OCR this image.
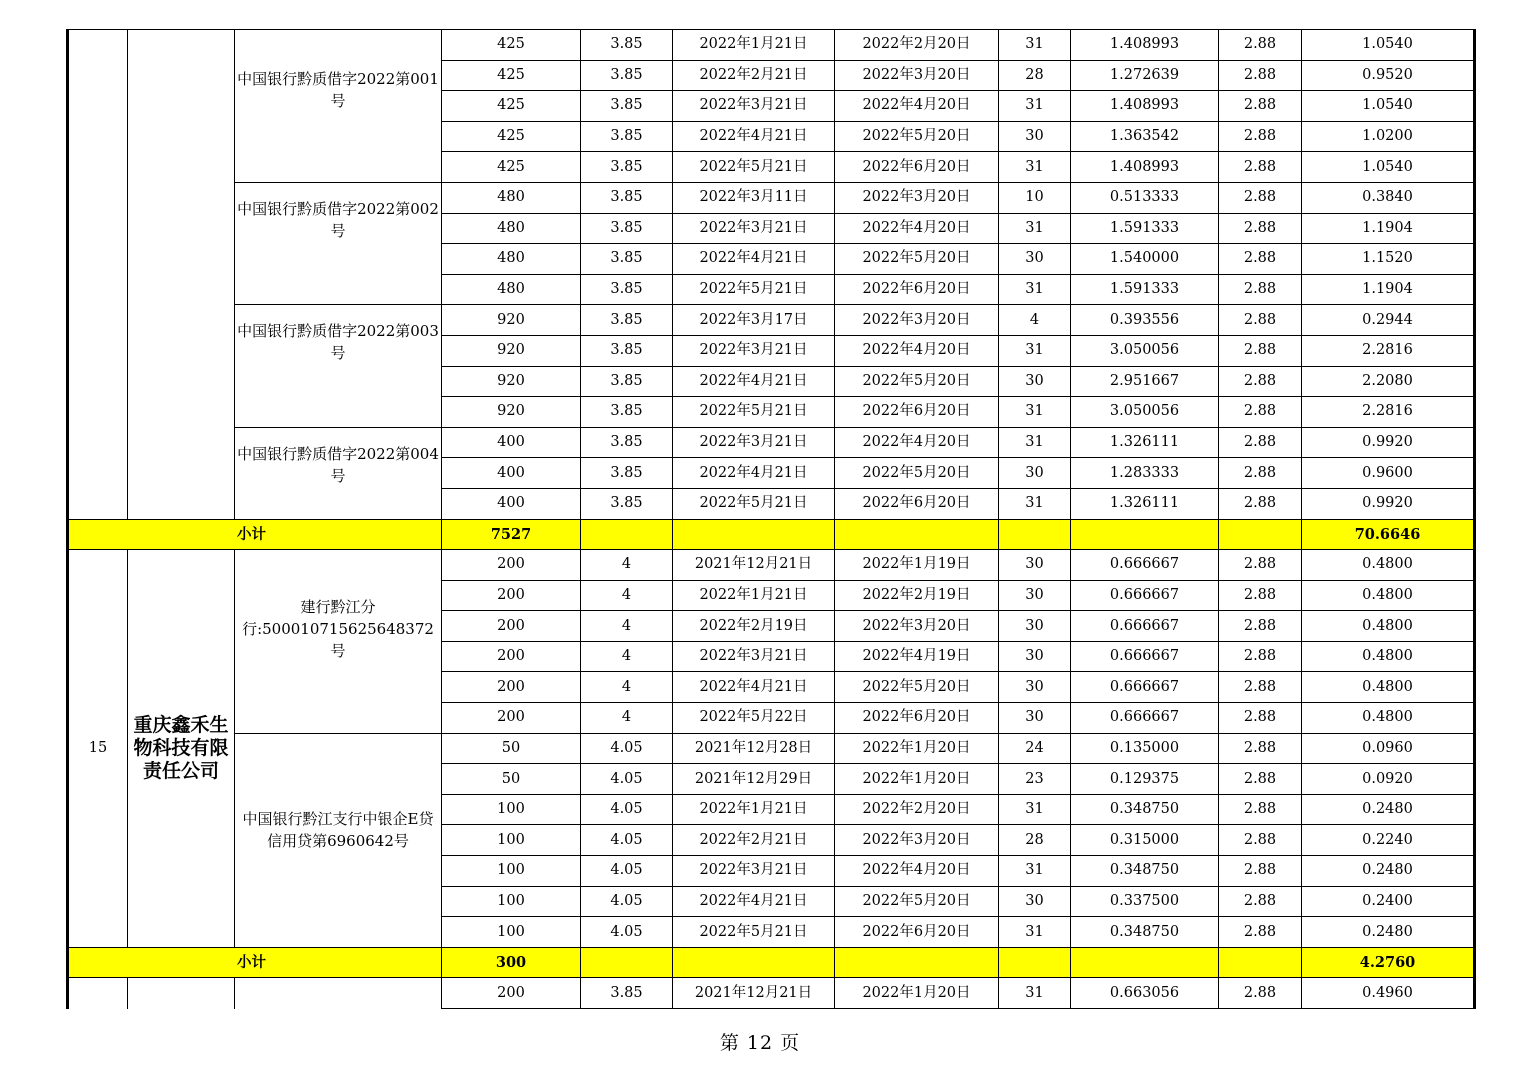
		中国银行黔质借字2022第001号	425	3.85	2022年1月21日	2022年2月20日	31	1.408993	2.88	1.0540
			425	3.85	2022年2月21日	2022年3月20日	28	1.272639	2.88	0.9520
			425	3.85	2022年3月21日	2022年4月20日	31	1.408993	2.88	1.0540
			425	3.85	2022年4月21日	2022年5月20日	30	1.363542	2.88	1.0200
			425	3.85	2022年5月21日	2022年6月20日	31	1.408993	2.88	1.0540
		中国银行黔质借字2022第002号	480	3.85	2022年3月11日	2022年3月20日	10	0.513333	2.88	0.3840
			480	3.85	2022年3月21日	2022年4月20日	31	1.591333	2.88	1.1904
			480	3.85	2022年4月21日	2022年5月20日	30	1.540000	2.88	1.1520
			480	3.85	2022年5月21日	2022年6月20日	31	1.591333	2.88	1.1904
		中国银行黔质借字2022第003号	920	3.85	2022年3月17日	2022年3月20日	4	0.393556	2.88	0.2944
			920	3.85	2022年3月21日	2022年4月20日	31	3.050056	2.88	2.2816
			920	3.85	2022年4月21日	2022年5月20日	30	2.951667	2.88	2.2080
			920	3.85	2022年5月21日	2022年6月20日	31	3.050056	2.88	2.2816
		中国银行黔质借字2022第004号	400	3.85	2022年3月21日	2022年4月20日	31	1.326111	2.88	0.9920
			400	3.85	2022年4月21日	2022年5月20日	30	1.283333	2.88	0.9600
			400	3.85	2022年5月21日	2022年6月20日	31	1.326111	2.88	0.9920
小计			7527							70.6646
15	重庆鑫禾生物科技有限责任公司	建行黔江分行:500010715625648372号	200	4	2021年12月21日	2022年1月19日	30	0.666667	2.88	0.4800
			200	4	2022年1月21日	2022年2月19日	30	0.666667	2.88	0.4800
			200	4	2022年2月19日	2022年3月20日	30	0.666667	2.88	0.4800
			200	4	2022年3月21日	2022年4月19日	30	0.666667	2.88	0.4800
			200	4	2022年4月21日	2022年5月20日	30	0.666667	2.88	0.4800
			200	4	2022年5月22日	2022年6月20日	30	0.666667	2.88	0.4800
		中国银行黔江支行中银企E贷信用贷第6960642号	50	4.05	2021年12月28日	2022年1月20日	24	0.135000	2.88	0.0960
			50	4.05	2021年12月29日	2022年1月20日	23	0.129375	2.88	0.0920
			100	4.05	2022年1月21日	2022年2月20日	31	0.348750	2.88	0.2480
			100	4.05	2022年2月21日	2022年3月20日	28	0.315000	2.88	0.2240
			100	4.05	2022年3月21日	2022年4月20日	31	0.348750	2.88	0.2480
			100	4.05	2022年4月21日	2022年5月20日	30	0.337500	2.88	0.2400
			100	4.05	2022年5月21日	2022年6月20日	31	0.348750	2.88	0.2480
小计			300							4.2760
			200	3.85	2021年12月21日	2022年1月20日	31	0.663056	2.88	0.4960
第 12 页
